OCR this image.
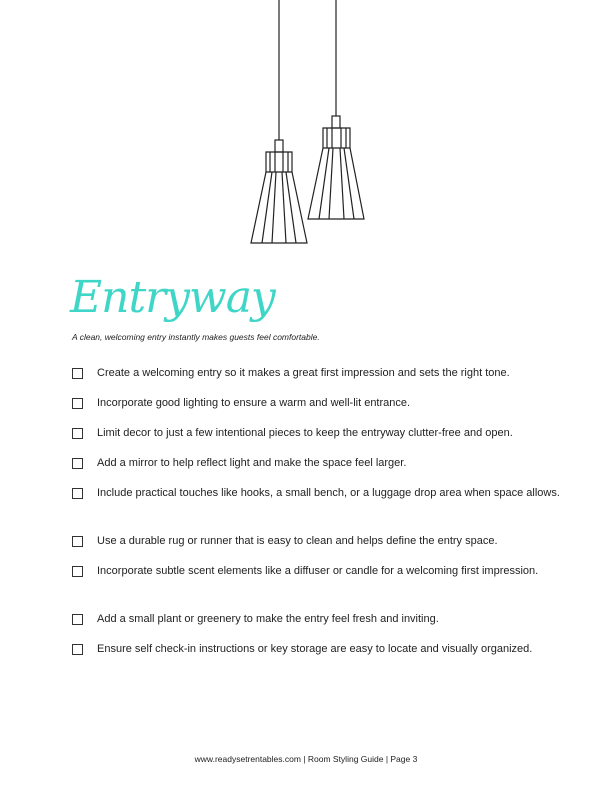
Entryway
A clean, welcoming entry instantly makes guests feel comfortable.
Create a welcoming entry so it makes a great first impression and sets the right tone.
Incorporate good lighting to ensure a warm and well-lit entrance.
Limit decor to just a few intentional pieces to keep the entryway clutter-free and open.
Add a mirror to help reflect light and make the space feel larger.
Include practical touches like hooks, a small bench, or a luggage drop area when space allows.
Use a durable rug or runner that is easy to clean and helps define the entry space.
Incorporate subtle scent elements like a diffuser or candle for a welcoming first impression.
Add a small plant or greenery to make the entry feel fresh and inviting.
Ensure self check-in instructions or key storage are easy to locate and visually organized.
www.readysetrentables.com | Room Styling Guide | Page 3
